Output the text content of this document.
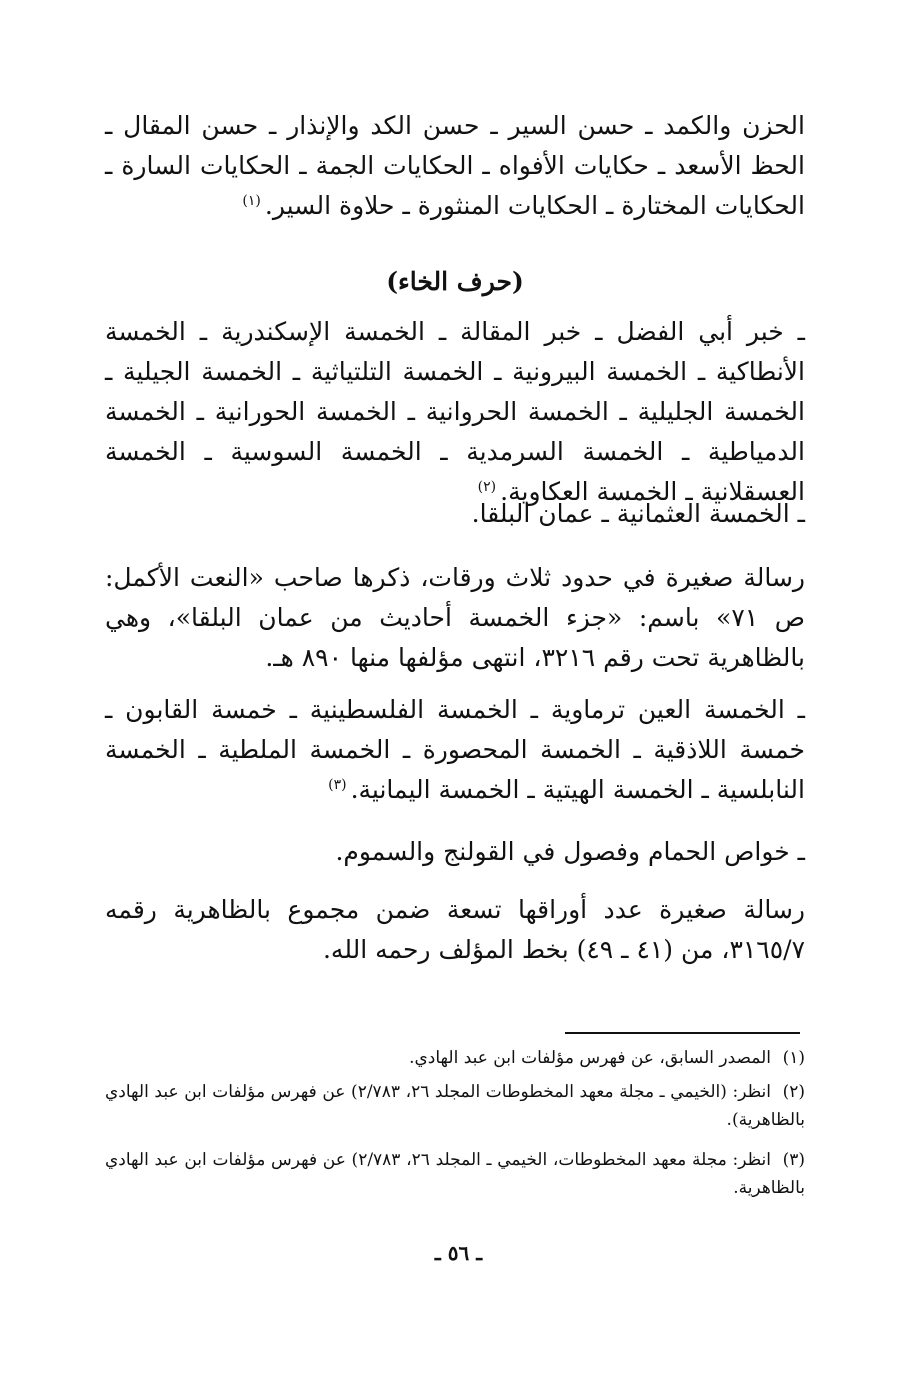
الحزن والكمد ـ حسن السير ـ حسن الكد والإنذار ـ حسن المقال ـ الحظ الأسعد ـ حكايات الأفواه ـ الحكايات الجمة ـ الحكايات السارة ـ الحكايات المختارة ـ الحكايات المنثورة ـ حلاوة السير.$^{(١)}$

(حرف الخاء)

ـ خبر أبي الفضل ـ خبر المقالة ـ الخمسة الإسكندرية ـ الخمسة الأنطاكية ـ الخمسة البيرونية ـ الخمسة التلتياثية ـ الخمسة الجيلية ـ الخمسة الجليلية ـ الخمسة الحروانية ـ الخمسة الحورانية ـ الخمسة الدمياطية ـ الخمسة السرمدية ـ الخمسة السوسية ـ الخمسة العسقلانية ـ الخمسة العكاوية.$^{(٢)}$

ـ الخمسة العثمانية ـ عمان البلقا.

رسالة صغيرة في حدود ثلاث ورقات، ذكرها صاحب «النعت الأكمل: ص ٧١» باسم: «جزء الخمسة أحاديث من عمان البلقا»، وهي بالظاهرية تحت رقم ٣٢١٦، انتهى مؤلفها منها ٨٩٠ هـ.

ـ الخمسة العين ترماوية ـ الخمسة الفلسطينية ـ خمسة القابون ـ خمسة اللاذقية ـ الخمسة المحصورة ـ الخمسة الملطية ـ الخمسة النابلسية ـ الخمسة الهيتية ـ الخمسة اليمانية.$^{(٣)}$

ـ خواص الحمام وفصول في القولنج والسموم.

رسالة صغيرة عدد أوراقها تسعة ضمن مجموع بالظاهرية رقمه ٣١٦٥/٧، من (٤١ ـ ٤٩) بخط المؤلف رحمه الله.

(١)المصدر السابق، عن فهرس مؤلفات ابن عبد الهادي.

(٢)انظر: (الخيمي ـ مجلة معهد المخطوطات المجلد ٢٦، ٢/٧٨٣) عن فهرس مؤلفات ابن عبد الهادي بالظاهرية).

(٣)انظر: مجلة معهد المخطوطات، الخيمي ـ المجلد ٢٦، ٢/٧٨٣) عن فهرس مؤلفات ابن عبد الهادي بالظاهرية.

ـ ٥٦ ـ
